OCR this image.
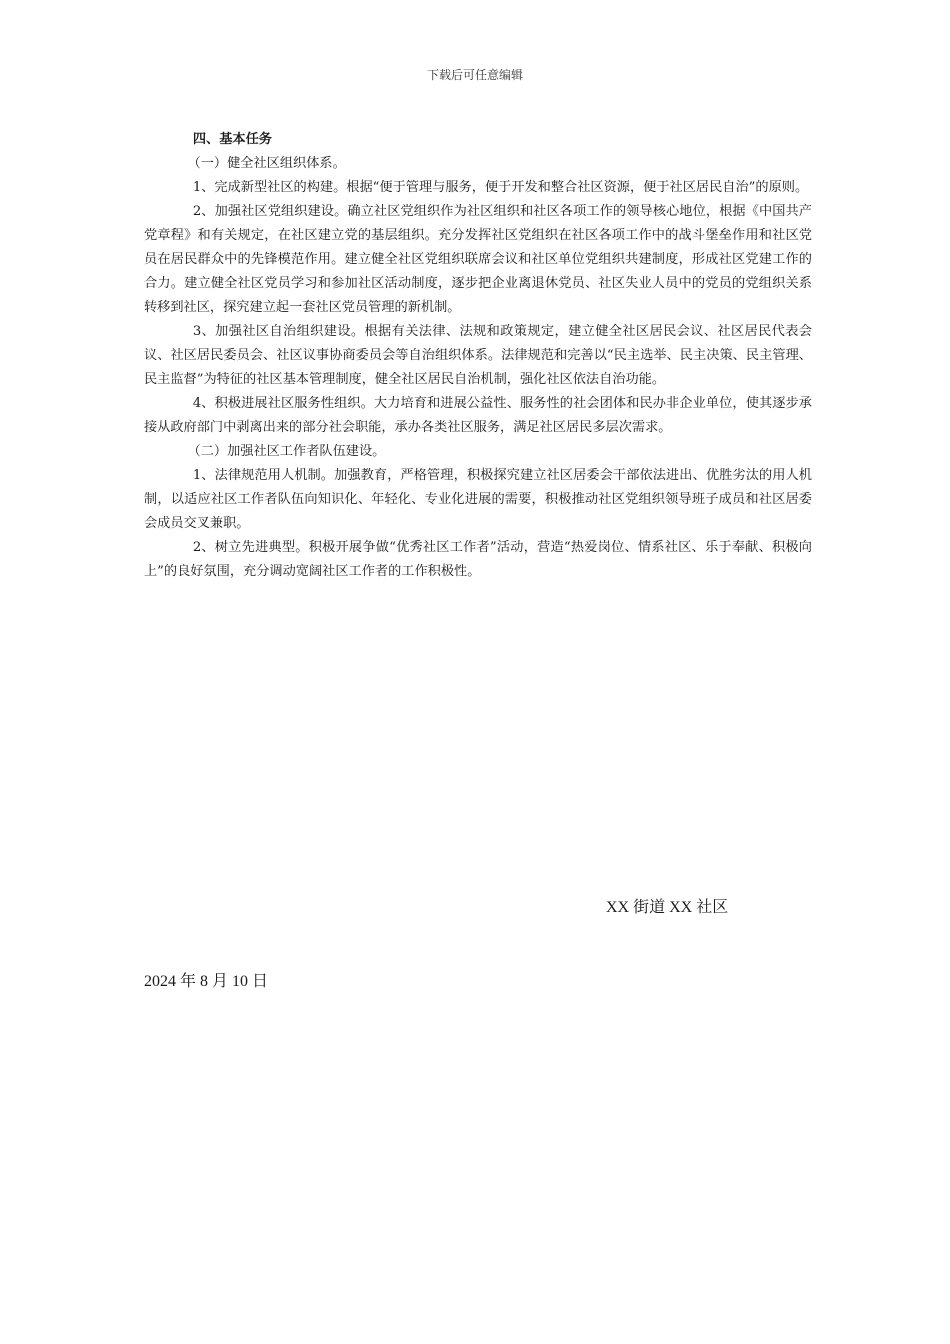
下载后可任意编辑

四、基本任务

（一）健全社区组织体系。

1、完成新型社区的构建。根据“便于管理与服务，便于开发和整合社区资源，便于社区居民自治”的原则。

2、加强社区党组织建设。确立社区党组织作为社区组织和社区各项工作的领导核心地位，根据《中国共产党章程》和有关规定，在社区建立党的基层组织。充分发挥社区党组织在社区各项工作中的战斗堡垒作用和社区党员在居民群众中的先锋模范作用。建立健全社区党组织联席会议和社区单位党组织共建制度，形成社区党建工作的合力。建立健全社区党员学习和参加社区活动制度，逐步把企业离退休党员、社区失业人员中的党员的党组织关系转移到社区，探究建立起一套社区党员管理的新机制。

3、加强社区自治组织建设。根据有关法律、法规和政策规定，建立健全社区居民会议、社区居民代表会议、社区居民委员会、社区议事协商委员会等自治组织体系。法律规范和完善以“民主选举、民主决策、民主管理、民主监督”为特征的社区基本管理制度，健全社区居民自治机制，强化社区依法自治功能。

4、积极进展社区服务性组织。大力培育和进展公益性、服务性的社会团体和民办非企业单位，使其逐步承接从政府部门中剥离出来的部分社会职能，承办各类社区服务，满足社区居民多层次需求。

（二）加强社区工作者队伍建设。

1、法律规范用人机制。加强教育，严格管理，积极探究建立社区居委会干部依法进出、优胜劣汰的用人机制，以适应社区工作者队伍向知识化、年轻化、专业化进展的需要，积极推动社区党组织领导班子成员和社区居委会成员交叉兼职。

2、树立先进典型。积极开展争做“优秀社区工作者”活动，营造“热爱岗位、情系社区、乐于奉献、积极向上”的良好氛围，充分调动宽阔社区工作者的工作积极性。

XX 街道 XX 社区
2024 年 8 月 10 日
